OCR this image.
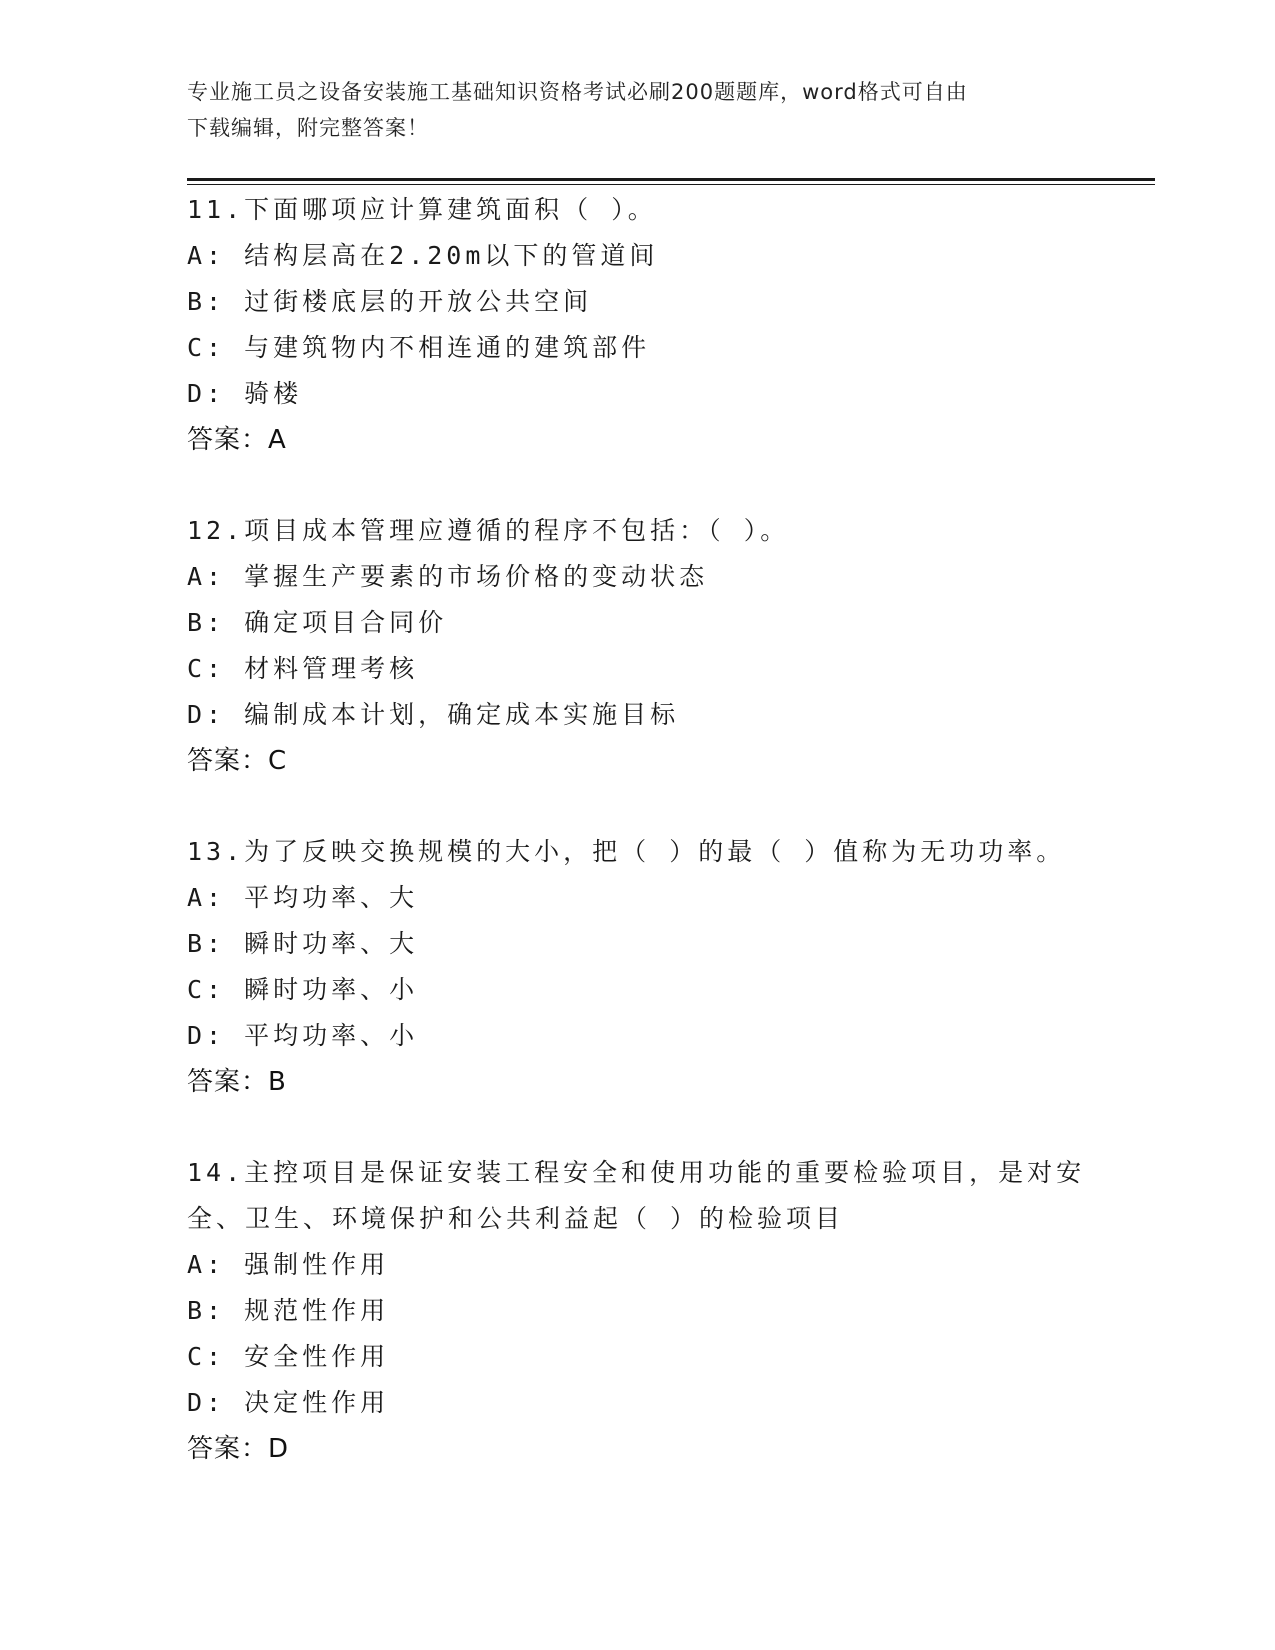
专业施工员之设备安装施工基础知识资格考试必刷200题题库，word格式可自由
下载编辑，附完整答案！
11.下面哪项应计算建筑面积（ ）。
A: 结构层高在2.20m以下的管道间
B: 过街楼底层的开放公共空间
C: 与建筑物内不相连通的建筑部件
D: 骑楼
答案：A
12.项目成本管理应遵循的程序不包括：（ ）。
A: 掌握生产要素的市场价格的变动状态
B: 确定项目合同价
C: 材料管理考核
D: 编制成本计划，确定成本实施目标
答案：C
13.为了反映交换规模的大小，把（ ）的最（ ）值称为无功功率。
A: 平均功率、大
B: 瞬时功率、大
C: 瞬时功率、小
D: 平均功率、小
答案：B
14.主控项目是保证安装工程安全和使用功能的重要检验项目，是对安
全、卫生、环境保护和公共利益起（ ）的检验项目
A: 强制性作用
B: 规范性作用
C: 安全性作用
D: 决定性作用
答案：D
